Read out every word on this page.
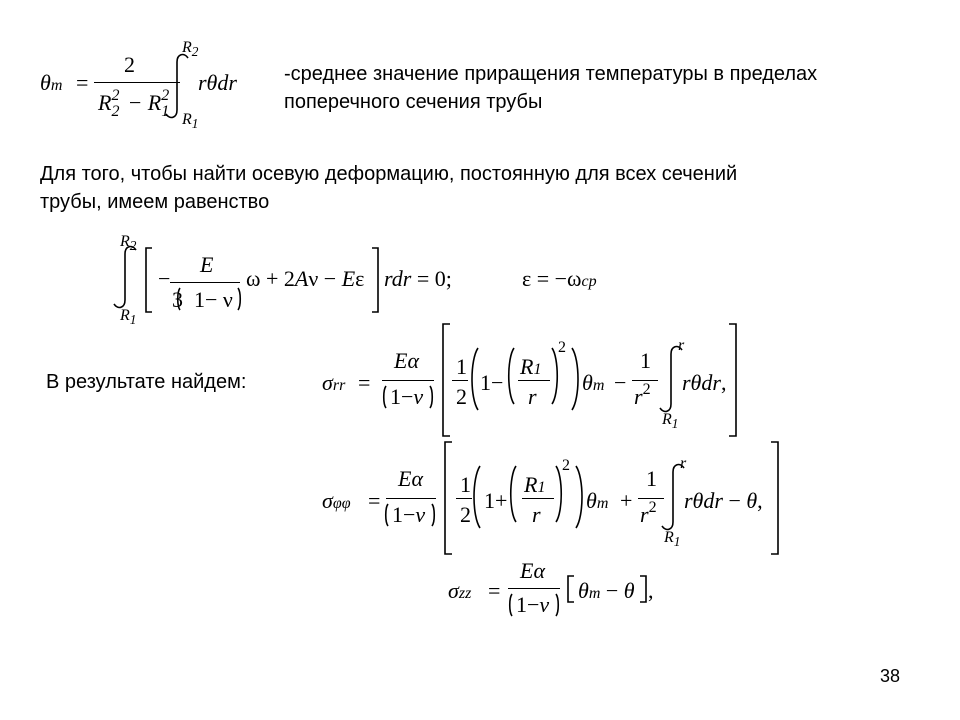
θm =
2
$R_2^2 - R_1^2$
$R_2$
$R_1$
rθdr -среднее значение приращения температуры в пределах поперечного сечения трубы
Для того, чтобы найти осевую деформацию, постоянную для всех сечений трубы, имеем равенство
$R_2$
$R_1$
−
E
3  1− ν
ω + 2Aν − Eε rdr = 0;	ε = −ωcp
В результате найдем:	σrr =
Eα
1−ν
1
2
1−
R1
r
2
θm −
1
$r^2$
r
$R_1$
rθdr,
σφφ =
Eα
1−ν
1
2
1+
R1
r
2
θm +
1
$r^2$
r
$R_1$
rθdr − θ,
σzz =
Eα
1−ν
θm − θ ,
38
